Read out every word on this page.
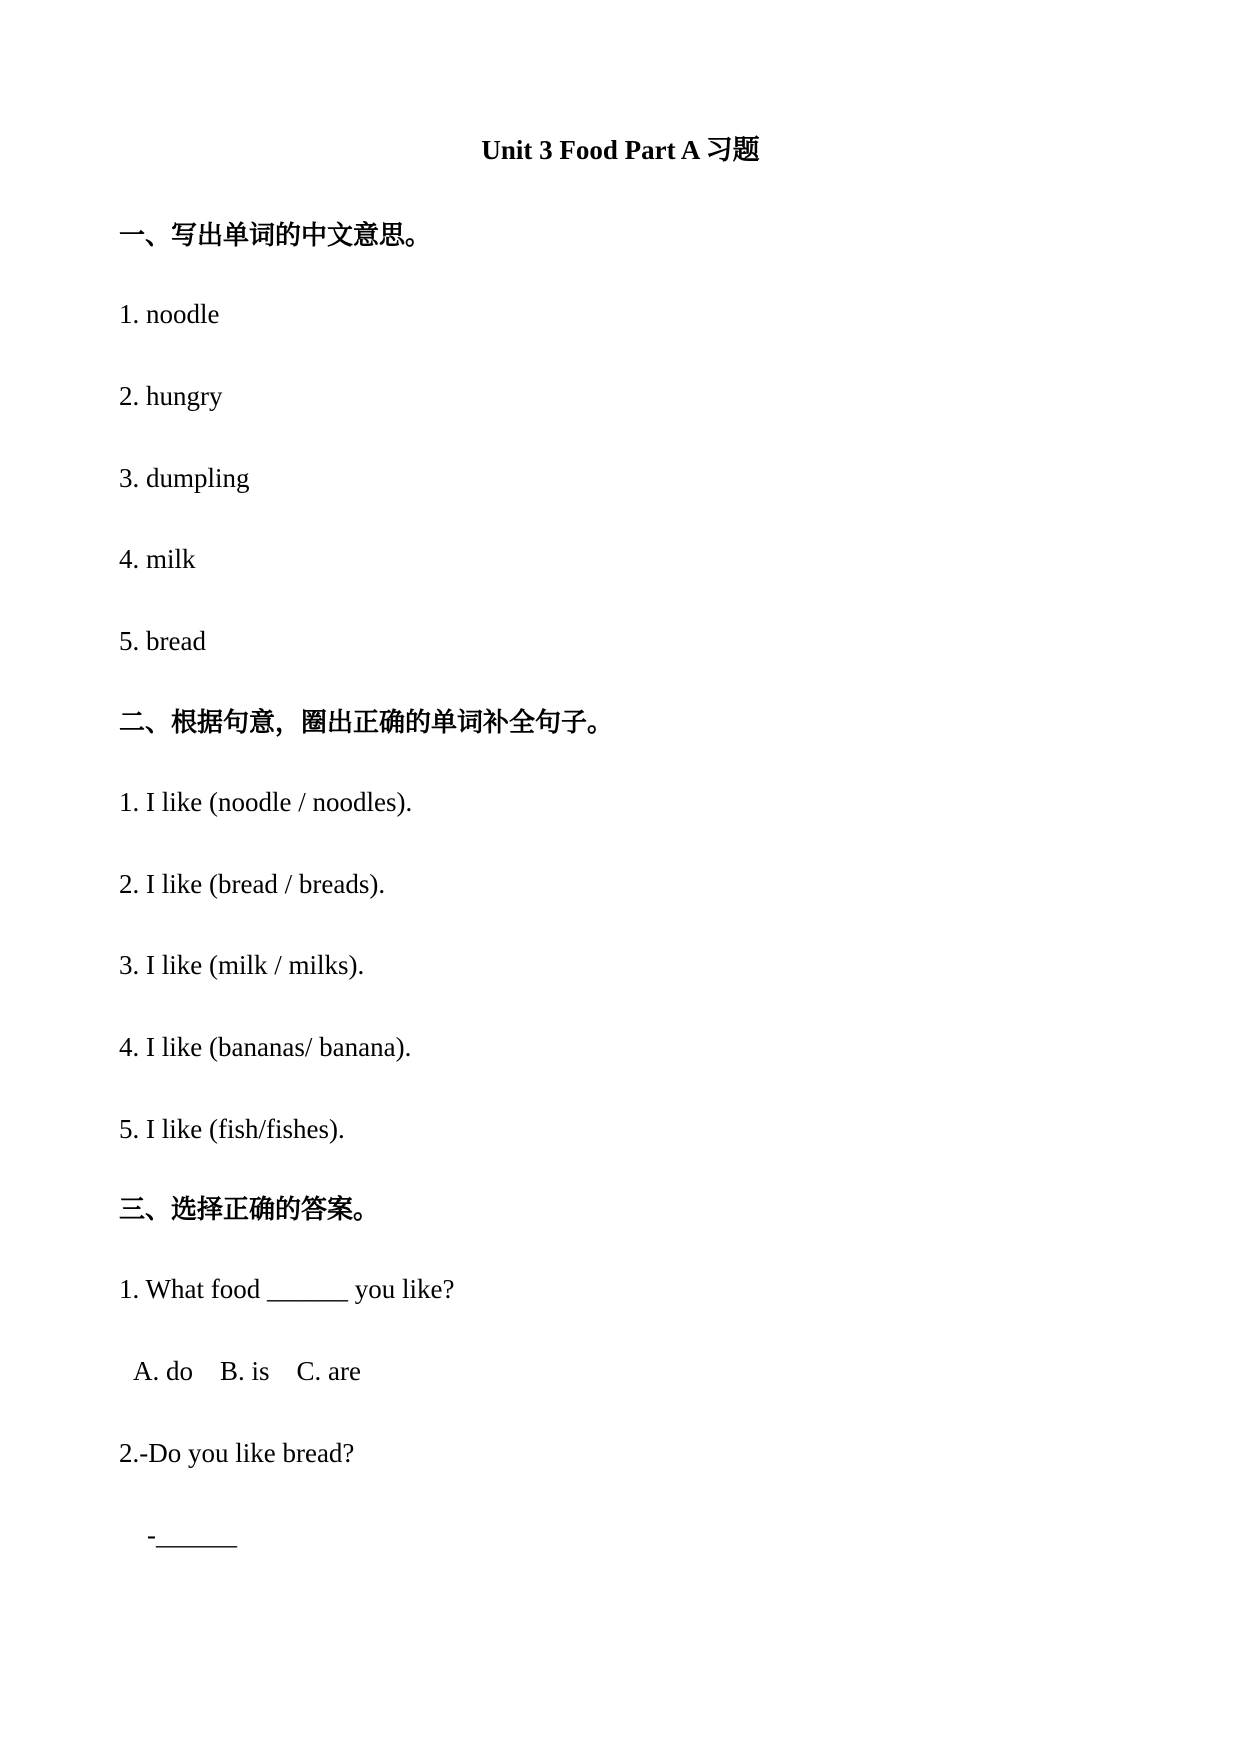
Unit 3 Food Part A 习题
一、写出单词的中文意思。
1. noodle
2. hungry
3. dumpling
4. milk
5. bread
二、根据句意，圈出正确的单词补全句子。
1. I like (noodle / noodles).
2. I like (bread / breads).
3. I like (milk / milks).
4. I like (bananas/ banana).
5. I like (fish/fishes).
三、选择正确的答案。
1. What food ______ you like?
A. do    B. is    C. are
2.-Do you like bread?
-______
